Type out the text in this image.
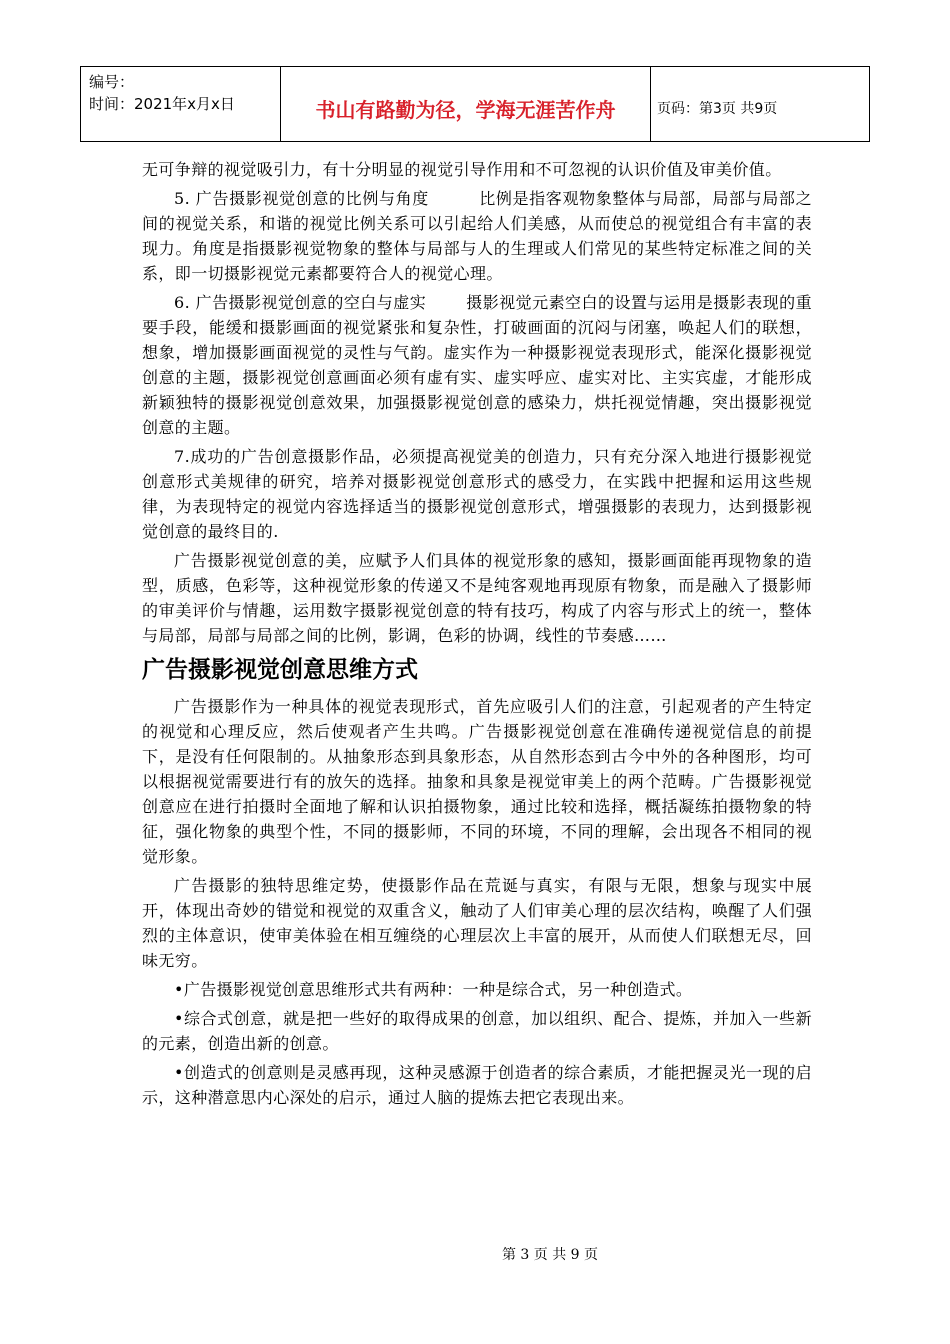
编号：
时间：2021年x月x日	书山有路勤为径，学海无涯苦作舟	页码：第3页 共9页

无可争辩的视觉吸引力，有十分明显的视觉引导作用和不可忽视的认识价值及审美价值。

5. 广告摄影视觉创意的比例与角度	比例是指客观物象整体与局部，局部与局部之间的视觉关系，和谐的视觉比例关系可以引起给人们美感，从而使总的视觉组合有丰富的表现力。角度是指摄影视觉物象的整体与局部与人的生理或人们常见的某些特定标准之间的关系，即一切摄影视觉元素都要符合人的视觉心理。

6. 广告摄影视觉创意的空白与虚实	摄影视觉元素空白的设置与运用是摄影表现的重要手段，能缓和摄影画面的视觉紧张和复杂性，打破画面的沉闷与闭塞，唤起人们的联想，想象，增加摄影画面视觉的灵性与气韵。虚实作为一种摄影视觉表现形式，能深化摄影视觉创意的主题，摄影视觉创意画面必须有虚有实、虚实呼应、虚实对比、主实宾虚，才能形成新颖独特的摄影视觉创意效果，加强摄影视觉创意的感染力，烘托视觉情趣，突出摄影视觉创意的主题。

7.成功的广告创意摄影作品，必须提高视觉美的创造力，只有充分深入地进行摄影视觉创意形式美规律的研究，培养对摄影视觉创意形式的感受力，在实践中把握和运用这些规律，为表现特定的视觉内容选择适当的摄影视觉创意形式，增强摄影的表现力，达到摄影视觉创意的最终目的.

广告摄影视觉创意的美，应赋予人们具体的视觉形象的感知，摄影画面能再现物象的造型，质感，色彩等，这种视觉形象的传递又不是纯客观地再现原有物象，而是融入了摄影师的审美评价与情趣，运用数字摄影视觉创意的特有技巧，构成了内容与形式上的统一，整体与局部，局部与局部之间的比例，影调，色彩的协调，线性的节奏感……

广告摄影视觉创意思维方式

广告摄影作为一种具体的视觉表现形式，首先应吸引人们的注意，引起观者的产生特定的视觉和心理反应，然后使观者产生共鸣。广告摄影视觉创意在准确传递视觉信息的前提下，是没有任何限制的。从抽象形态到具象形态，从自然形态到古今中外的各种图形，均可以根据视觉需要进行有的放矢的选择。抽象和具象是视觉审美上的两个范畴。广告摄影视觉创意应在进行拍摄时全面地了解和认识拍摄物象，通过比较和选择，概括凝练拍摄物象的特征，强化物象的典型个性，不同的摄影师，不同的环境，不同的理解，会出现各不相同的视觉形象。

广告摄影的独特思维定势，使摄影作品在荒诞与真实，有限与无限，想象与现实中展开，体现出奇妙的错觉和视觉的双重含义，触动了人们审美心理的层次结构，唤醒了人们强烈的主体意识，使审美体验在相互缠绕的心理层次上丰富的展开，从而使人们联想无尽，回味无穷。

•广告摄影视觉创意思维形式共有两种：一种是综合式，另一种创造式。

•综合式创意，就是把一些好的取得成果的创意，加以组织、配合、提炼，并加入一些新的元素，创造出新的创意。

•创造式的创意则是灵感再现，这种灵感源于创造者的综合素质，才能把握灵光一现的启示，这种潜意思内心深处的启示，通过人脑的提炼去把它表现出来。

第 3 页 共 9 页
